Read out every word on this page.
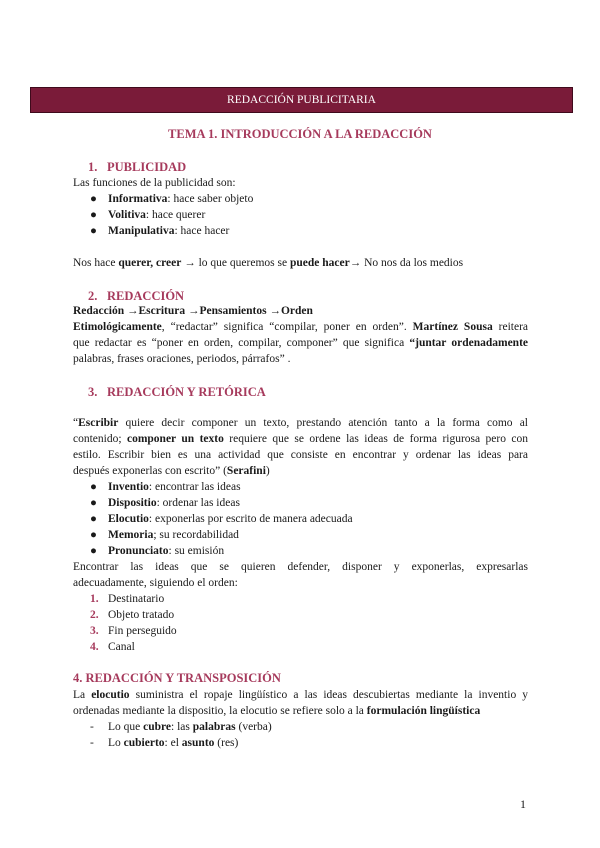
REDACCIÓN PUBLICITARIA
TEMA 1. INTRODUCCIÓN A LA REDACCIÓN
1. PUBLICIDAD
Las funciones de la publicidad son:
● Informativa: hace saber objeto
● Volitiva: hace querer
● Manipulativa: hace hacer
Nos hace querer, creer → lo que queremos se puede hacer→ No nos da los medios
2. REDACCIÓN
Redacción →Escritura →Pensamientos →Orden
Etimológicamente, “redactar” significa “compilar, poner en orden”. Martínez Sousa reitera
que redactar es “poner en orden, compilar, componer” que significa “juntar ordenadamente
palabras, frases oraciones, periodos, párrafos” .
3. REDACCIÓN Y RETÓRICA
“Escribir quiere decir componer un texto, prestando atención tanto a la forma como al
contenido; componer un texto requiere que se ordene las ideas de forma rigurosa pero con
estilo. Escribir bien es una actividad que consiste en encontrar y ordenar las ideas para
después exponerlas con escrito” (Serafini)
● Inventio: encontrar las ideas
● Dispositio: ordenar las ideas
● Elocutio: exponerlas por escrito de manera adecuada
● Memoria; su recordabilidad
● Pronunciato: su emisión
Encontrar las ideas que se quieren defender, disponer y exponerlas, expresarlas
adecuadamente, siguiendo el orden:
1. Destinatario
2. Objeto tratado
3. Fin perseguido
4. Canal
4. REDACCIÓN Y TRANSPOSICIÓN
La elocutio suministra el ropaje lingüístico a las ideas descubiertas mediante la inventio y
ordenadas mediante la dispositio, la elocutio se refiere solo a la formulación lingüística
- Lo que cubre: las palabras (verba)
- Lo cubierto: el asunto (res)
1
